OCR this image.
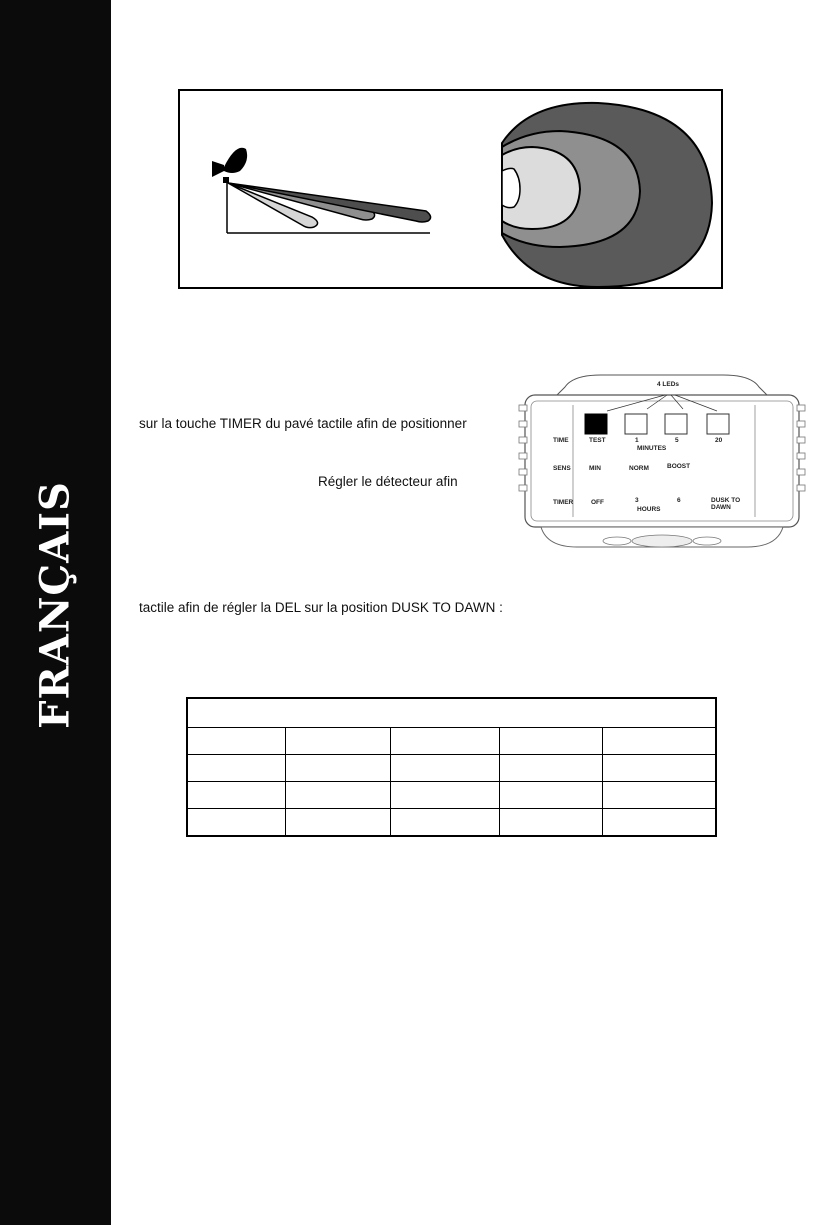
FRANÇAIS
sur la touche TIMER du pavé tactile afin de positionner
Régler le détecteur afin
tactile afin de régler la DEL sur la position DUSK TO DAWN :
4 LEDs
TIME	TEST	1	5	20
MINUTES
SENS	MIN	NORM	BOOST
TIMER	OFF	3	6	DUSK TO DAWN
HOURS
